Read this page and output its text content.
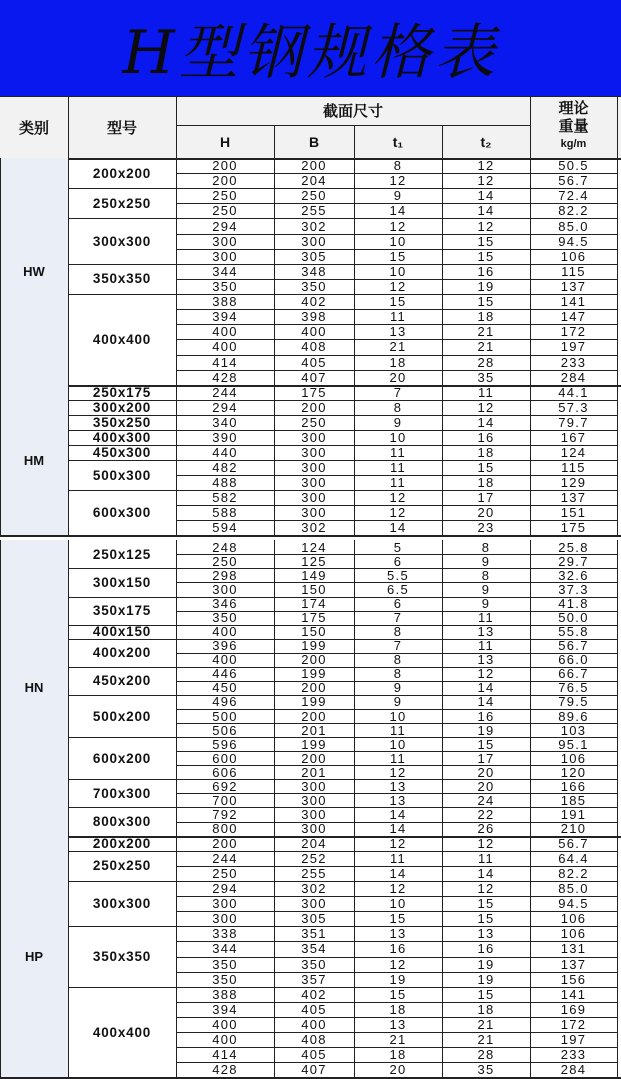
H型钢规格表
类别	型号
截面尺寸
H	B	t₁	t₂
理论
重量
kg/m
HW
200x200
200	200	8	12	50.5
200	204	12	12	56.7
250x250
250	250	9	14	72.4
250	255	14	14	82.2
300x300
294	302	12	12	85.0
300	300	10	15	94.5
300	305	15	15	106
350x350
344	348	10	16	115
350	350	12	19	137
400x400
388	402	15	15	141
394	398	11	18	147
400	400	13	21	172
400	408	21	21	197
414	405	18	28	233
428	407	20	35	284
HM
250x175	244	175	7	11	44.1
300x200	294	200	8	12	57.3
350x250	340	250	9	14	79.7
400x300	390	300	10	16	167
450x300	440	300	11	18	124
500x300
482	300	11	15	115
488	300	11	18	129
600x300
582	300	12	17	137
588	300	12	20	151
594	302	14	23	175
HN
250x125	248	124	5	8	25.8
250	125	6	9	29.7
300x150	298	149	5.5	8	32.6
300	150	6.5	9	37.3
350x175	346	174	6	9	41.8
350	175	7	11	50.0
400x150	400	150	8	13	55.8
400x200	396	199	7	11	56.7
400	200	8	13	66.0
450x200	446	199	8	12	66.7
450	200	9	14	76.5
500x200
496	199	9	14	79.5
500	200	10	16	89.6
506	201	11	19	103
600x200
596	199	10	15	95.1
600	200	11	17	106
606	201	12	20	120
700x300	692	300	13	20	166
700	300	13	24	185
800x300	792	300	14	22	191
800	300	14	26	210
HP
200x200	200	204	12	12	56.7
250x250
244	252	11	11	64.4
250	255	14	14	82.2
300x300
294	302	12	12	85.0
300	300	10	15	94.5
300	305	15	15	106
350x350
338	351	13	13	106
344	354	16	16	131
350	350	12	19	137
350	357	19	19	156
400x400
388	402	15	15	141
394	405	18	18	169
400	400	13	21	172
400	408	21	21	197
414	405	18	28	233
428	407	20	35	284
